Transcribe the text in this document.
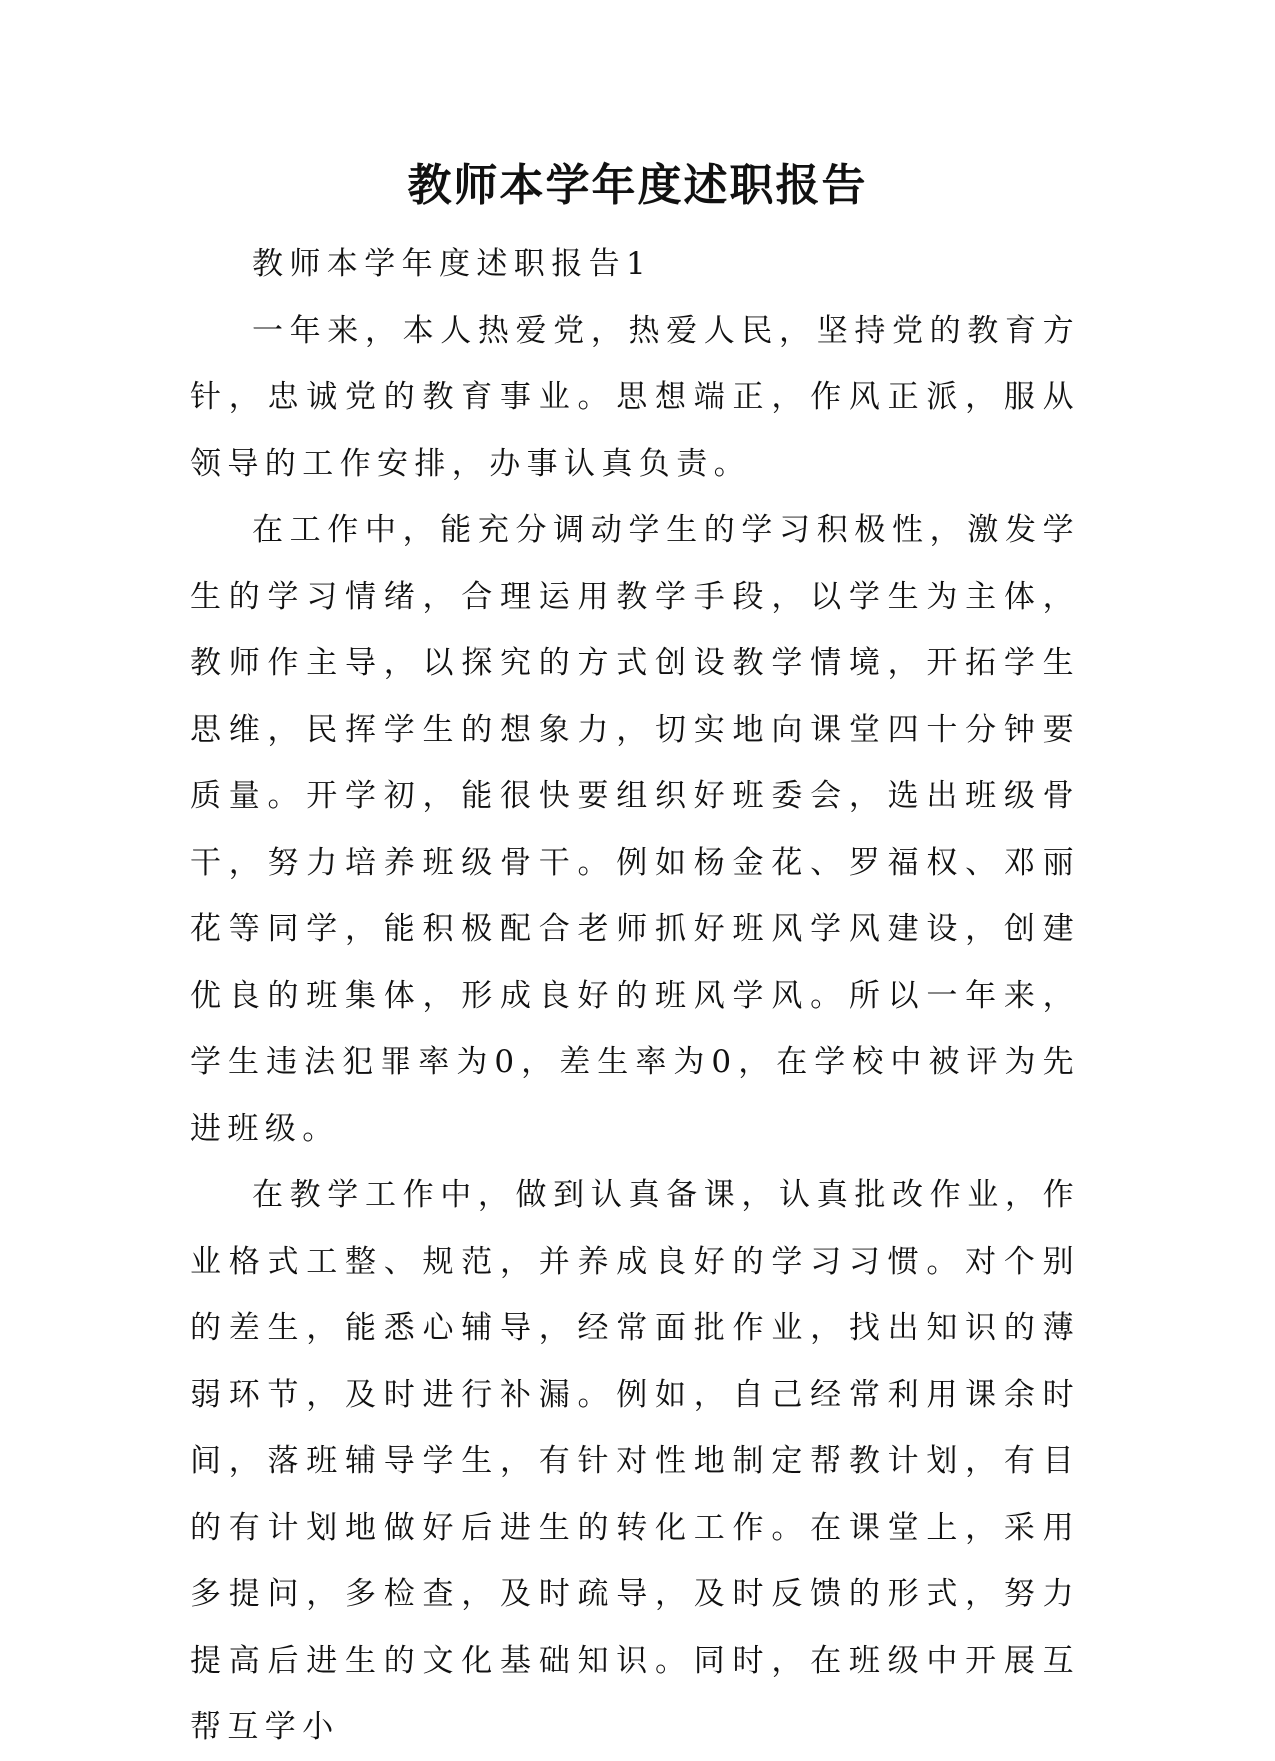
教师本学年度述职报告

教师本学年度述职报告1

一年来，本人热爱党，热爱人民，坚持党的教育方针，忠诚党的教育事业。思想端正，作风正派，服从领导的工作安排，办事认真负责。

在工作中，能充分调动学生的学习积极性，激发学生的学习情绪，合理运用教学手段，以学生为主体，教师作主导，以探究的方式创设教学情境，开拓学生思维，民挥学生的想象力，切实地向课堂四十分钟要质量。开学初，能很快要组织好班委会，选出班级骨干，努力培养班级骨干。例如杨金花、罗福权、邓丽花等同学，能积极配合老师抓好班风学风建设，创建优良的班集体，形成良好的班风学风。所以一年来，学生违法犯罪率为0，差生率为0，在学校中被评为先进班级。

在教学工作中，做到认真备课，认真批改作业，作业格式工整、规范，并养成良好的学习习惯。对个别的差生，能悉心辅导，经常面批作业，找出知识的薄弱环节，及时进行补漏。例如，自己经常利用课余时间，落班辅导学生，有针对性地制定帮教计划，有目的有计划地做好后进生的转化工作。在课堂上，采用多提问，多检查，及时疏导，及时反馈的形式，努力提高后进生的文化基础知识。同时，在班级中开展互帮互学小
